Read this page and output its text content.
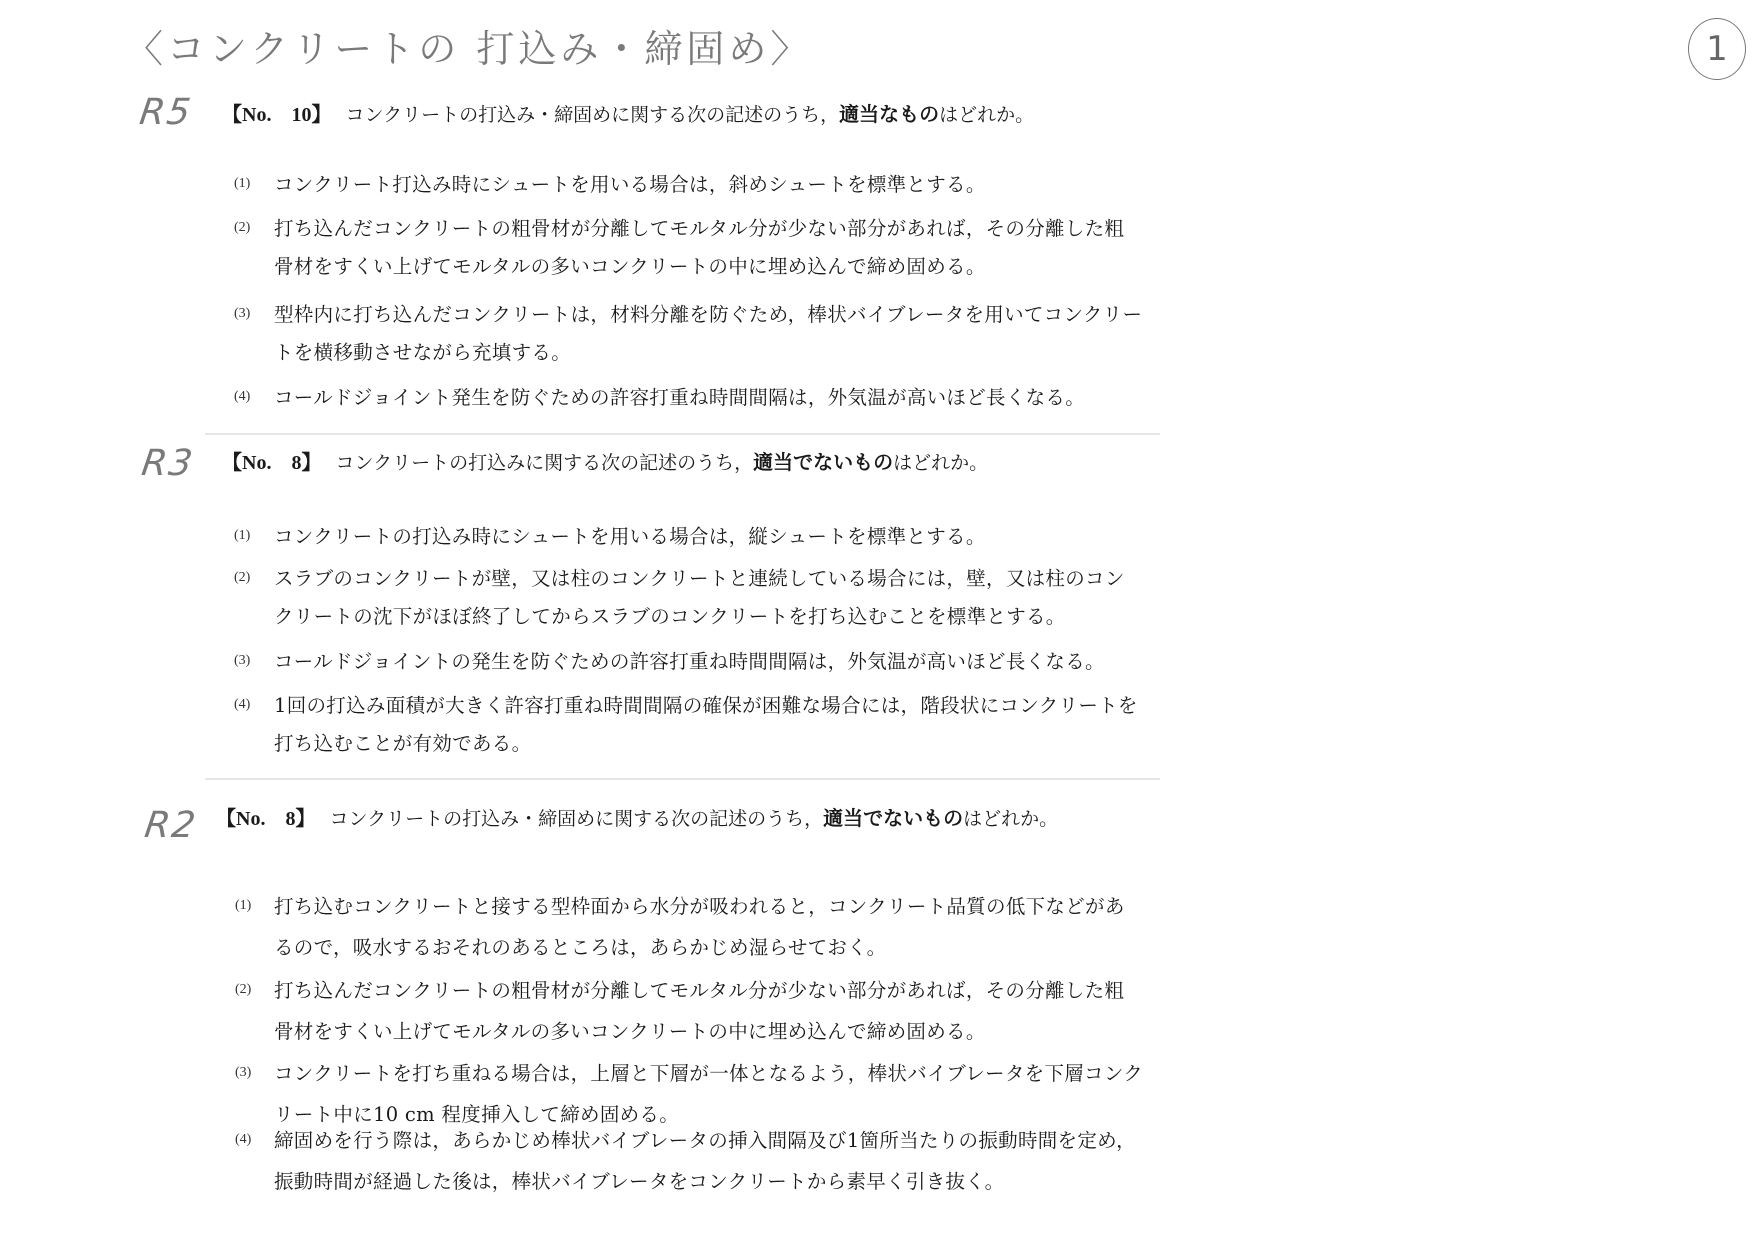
〈コンクリートの 打込み・締固め〉	1
R5
R3
R2
【No.　10】 コンクリートの打込み・締固めに関する次の記述のうち，適当なものはどれか。
(1) コンクリート打込み時にシュートを用いる場合は，斜めシュートを標準とする。
(2) 打ち込んだコンクリートの粗骨材が分離してモルタル分が少ない部分があれば，その分離した粗骨材をすくい上げてモルタルの多いコンクリートの中に埋め込んで締め固める。
(3) 型枠内に打ち込んだコンクリートは，材料分離を防ぐため，棒状バイブレータを用いてコンクリートを横移動させながら充填する。
(4) コールドジョイント発生を防ぐための許容打重ね時間間隔は，外気温が高いほど長くなる。
【No.　8】 コンクリートの打込みに関する次の記述のうち，適当でないものはどれか。
(1) コンクリートの打込み時にシュートを用いる場合は，縦シュートを標準とする。
(2) スラブのコンクリートが壁，又は柱のコンクリートと連続している場合には，壁，又は柱のコンクリートの沈下がほぼ終了してからスラブのコンクリートを打ち込むことを標準とする。
(3) コールドジョイントの発生を防ぐための許容打重ね時間間隔は，外気温が高いほど長くなる。
(4) 1回の打込み面積が大きく許容打重ね時間間隔の確保が困難な場合には，階段状にコンクリートを打ち込むことが有効である。
【No.　8】 コンクリートの打込み・締固めに関する次の記述のうち，適当でないものはどれか。
(1) 打ち込むコンクリートと接する型枠面から水分が吸われると，コンクリート品質の低下などがあるので，吸水するおそれのあるところは，あらかじめ湿らせておく。
(2) 打ち込んだコンクリートの粗骨材が分離してモルタル分が少ない部分があれば，その分離した粗骨材をすくい上げてモルタルの多いコンクリートの中に埋め込んで締め固める。
(3) コンクリートを打ち重ねる場合は，上層と下層が一体となるよう，棒状バイブレータを下層コンクリート中に10 cm 程度挿入して締め固める。
(4) 締固めを行う際は，あらかじめ棒状バイブレータの挿入間隔及び1箇所当たりの振動時間を定め，振動時間が経過した後は，棒状バイブレータをコンクリートから素早く引き抜く。
